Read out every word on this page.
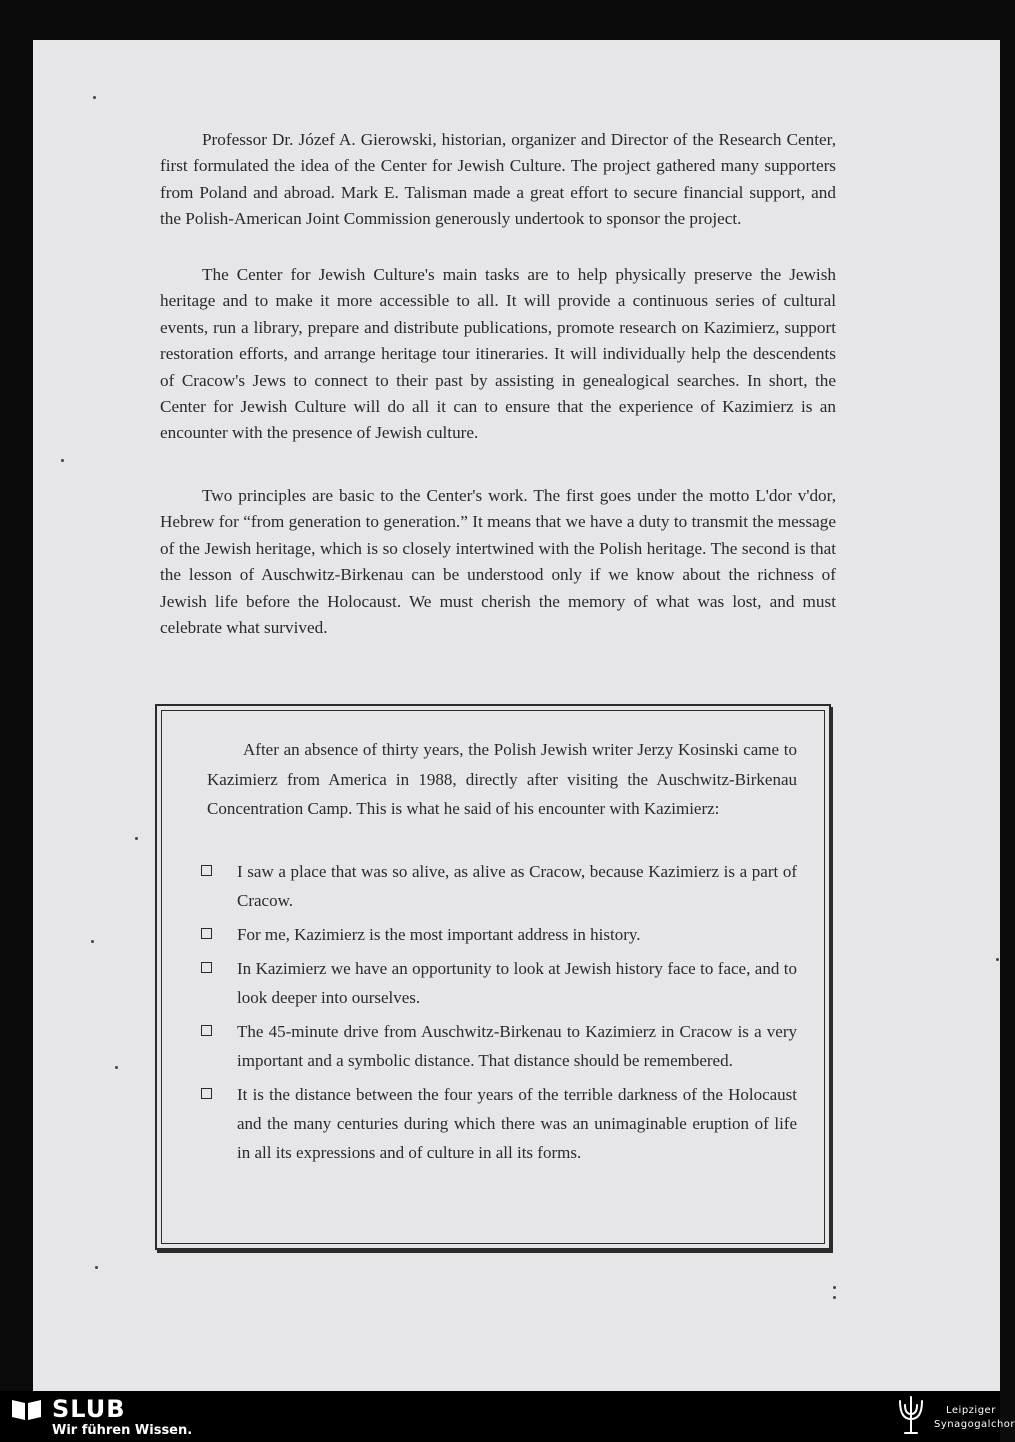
Professor Dr. Józef A. Gierowski, historian, organizer and Director of the Research Center, first formulated the idea of the Center for Jewish Culture. The project gathered many supporters from Poland and abroad. Mark E. Talisman made a great effort to secure financial support, and the Polish-American Joint Commission generously undertook to sponsor the project.

The Center for Jewish Culture's main tasks are to help physically preserve the Jewish heritage and to make it more accessible to all. It will provide a continuous series of cultural events, run a library, prepare and distribute publications, promote research on Kazimierz, support restoration efforts, and arrange heritage tour itineraries. It will individually help the descendents of Cracow's Jews to connect to their past by assisting in genealogical searches. In short, the Center for Jewish Culture will do all it can to ensure that the experience of Kazimierz is an encounter with the presence of Jewish culture.

Two principles are basic to the Center's work. The first goes under the motto L'dor v'dor, Hebrew for “from generation to generation.” It means that we have a duty to transmit the message of the Jewish heritage, which is so closely intertwined with the Polish heritage. The second is that the lesson of Auschwitz-Birkenau can be understood only if we know about the richness of Jewish life before the Holocaust. We must cherish the memory of what was lost, and must celebrate what survived.

After an absence of thirty years, the Polish Jewish writer Jerzy Kosinski came to Kazimierz from America in 1988, directly after visiting the Auschwitz-Birkenau Concentration Camp. This is what he said of his encounter with Kazimierz:

I saw a place that was so alive, as alive as Cracow, because Kazimierz is a part of Cracow.
For me, Kazimierz is the most important address in history.
In Kazimierz we have an opportunity to look at Jewish history face to face, and to look deeper into ourselves.
The 45-minute drive from Auschwitz-Birkenau to Kazimierz in Cracow is a very important and a symbolic distance. That distance should be remembered.
It is the distance between the four years of the terrible darkness of the Holocaust and the many centuries during which there was an unimaginable eruption of life in all its expressions and of culture in all its forms.
SLUB
Wir führen Wissen.
Leipziger
Synagogalchor
